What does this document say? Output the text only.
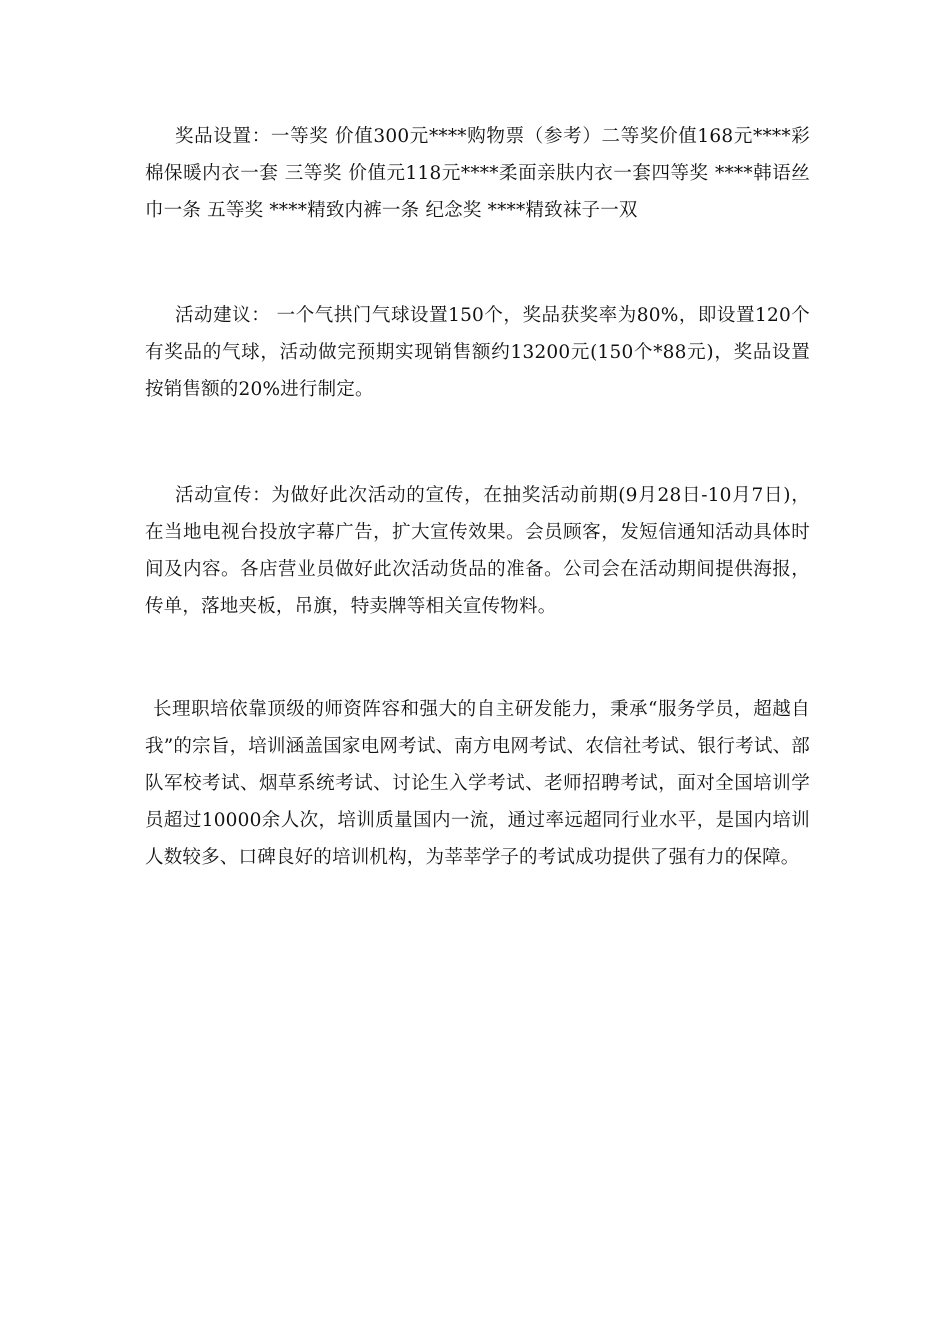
奖品设置：一等奖 价值300元****购物票（参考）二等奖价值168元****彩棉保暖内衣一套 三等奖 价值元118元****柔面亲肤内衣一套四等奖 ****韩语丝巾一条 五等奖 ****精致内裤一条 纪念奖 ****精致袜子一双

活动建议： 一个气拱门气球设置150个，奖品获奖率为80%，即设置120个有奖品的气球，活动做完预期实现销售额约13200元(150个*88元)，奖品设置按销售额的20%进行制定。

活动宣传：为做好此次活动的宣传，在抽奖活动前期(9月28日-10月7日)，在当地电视台投放字幕广告，扩大宣传效果。会员顾客，发短信通知活动具体时间及内容。各店营业员做好此次活动货品的准备。公司会在活动期间提供海报，传单，落地夹板，吊旗，特卖牌等相关宣传物料。

长理职培依靠顶级的师资阵容和强大的自主研发能力，秉承“服务学员，超越自我”的宗旨，培训涵盖国家电网考试、南方电网考试、农信社考试、银行考试、部队军校考试、烟草系统考试、讨论生入学考试、老师招聘考试，面对全国培训学员超过10000余人次，培训质量国内一流，通过率远超同行业水平，是国内培训人数较多、口碑良好的培训机构，为莘莘学子的考试成功提供了强有力的保障。
